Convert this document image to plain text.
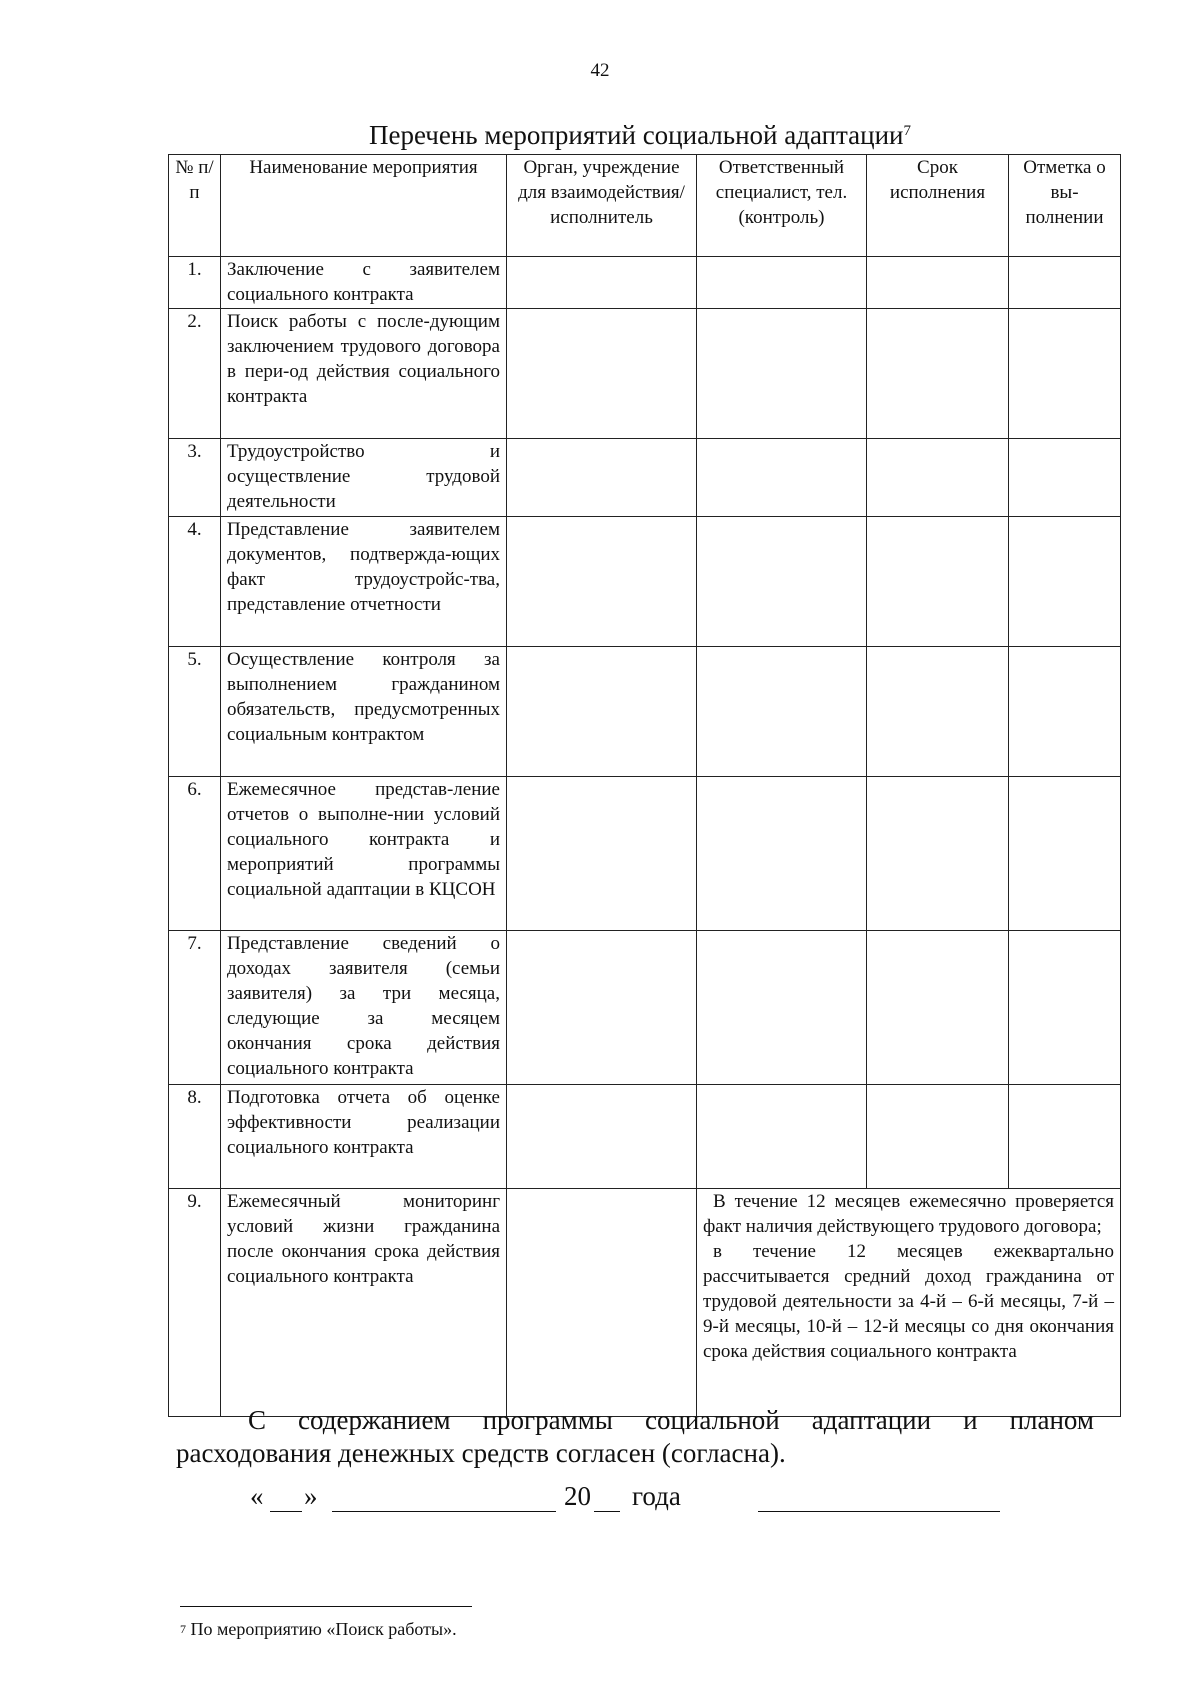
42
Перечень мероприятий социальной адаптации$^7$
№ п/п	Наименование мероприятия	Орган, учреждение для взаимодействия/ исполнитель	Ответственный специалист, тел. (контроль)	Срок исполнения	Отметка о вы-полнении
1.	Заключение с заявителем социального контракта				
2.	Поиск работы с после-дующим заключением трудового договора в пери-од действия социального контракта				
3.	Трудоустройство и осуществление трудовой деятельности				
4.	Представление заявителем документов, подтвержда-ющих факт трудоустройс-тва, представление отчетности				
5.	Осуществление контроля за выполнением гражданином обязательств, предусмотренных социальным контрактом				
6.	Ежемесячное представ-ление отчетов о выполне-нии условий социального контракта и мероприятий программы социальной адаптации в КЦСОН				
7.	Представление сведений о доходах заявителя (семьи заявителя) за три месяца, следующие за месяцем окончания срока действия социального контракта				
8.	Подготовка отчета об оценке эффективности реализации социального контракта				
9.	Ежемесячный мониторинг условий жизни гражданина после окончания срока действия социального контракта		В течение 12 месяцев ежемесячно проверяется факт наличия действующего трудового договора;
в течение 12 месяцев ежеквартально рассчитывается средний доход гражданина от трудовой деятельности за 4-й – 6-й месяцы, 7-й – 9-й месяцы, 10-й – 12-й месяцы со дня окончания срока действия социального контракта		
С содержанием программы социальной адаптации и планом расходования денежных средств согласен (согласна).
« »	20 года
$^7$ По мероприятию «Поиск работы».
